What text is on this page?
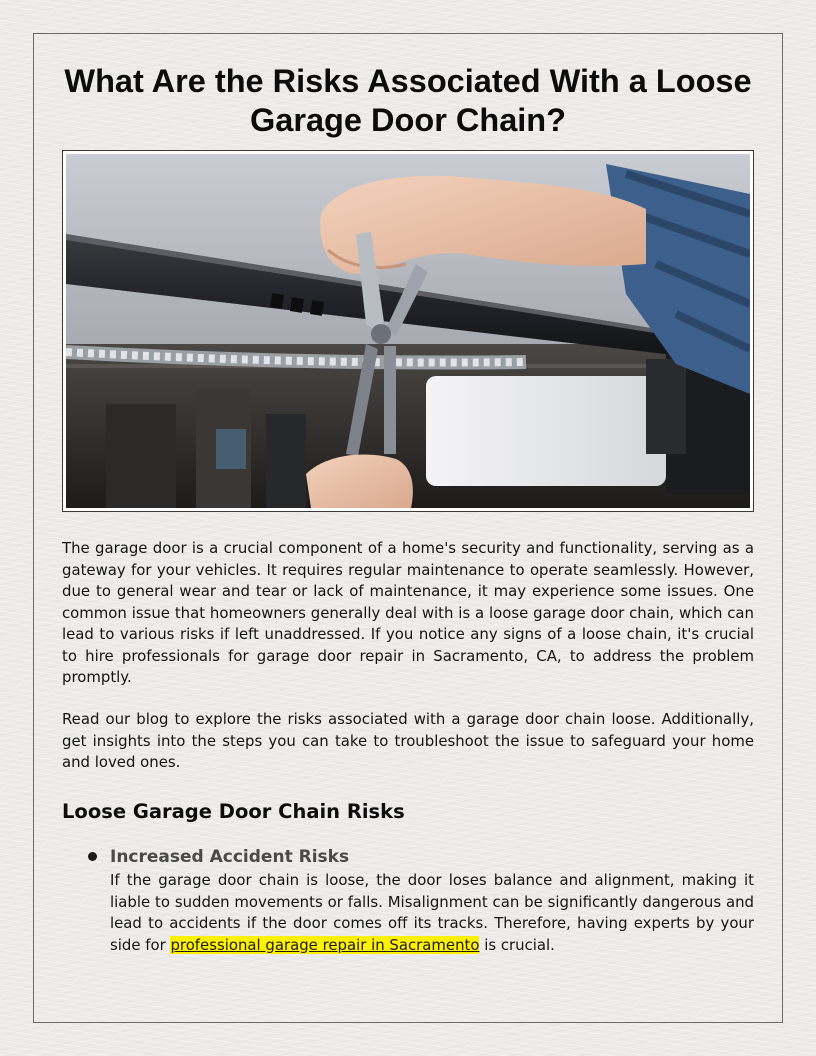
What Are the Risks Associated With a Loose Garage Door Chain?

The garage door is a crucial component of a home's security and functionality, serving as a gateway for your vehicles. It requires regular maintenance to operate seamlessly. However, due to general wear and tear or lack of maintenance, it may experience some issues. One common issue that homeowners generally deal with is a loose garage door chain, which can lead to various risks if left unaddressed. If you notice any signs of a loose chain, it's crucial to hire professionals for garage door repair in Sacramento, CA, to address the problem promptly.

Read our blog to explore the risks associated with a garage door chain loose. Additionally, get insights into the steps you can take to troubleshoot the issue to safeguard your home and loved ones.

Loose Garage Door Chain Risks
Increased Accident Risks
If the garage door chain is loose, the door loses balance and alignment, making it liable to sudden movements or falls. Misalignment can be significantly dangerous and lead to accidents if the door comes off its tracks. Therefore, having experts by your side for professional garage repair in Sacramento is crucial.
